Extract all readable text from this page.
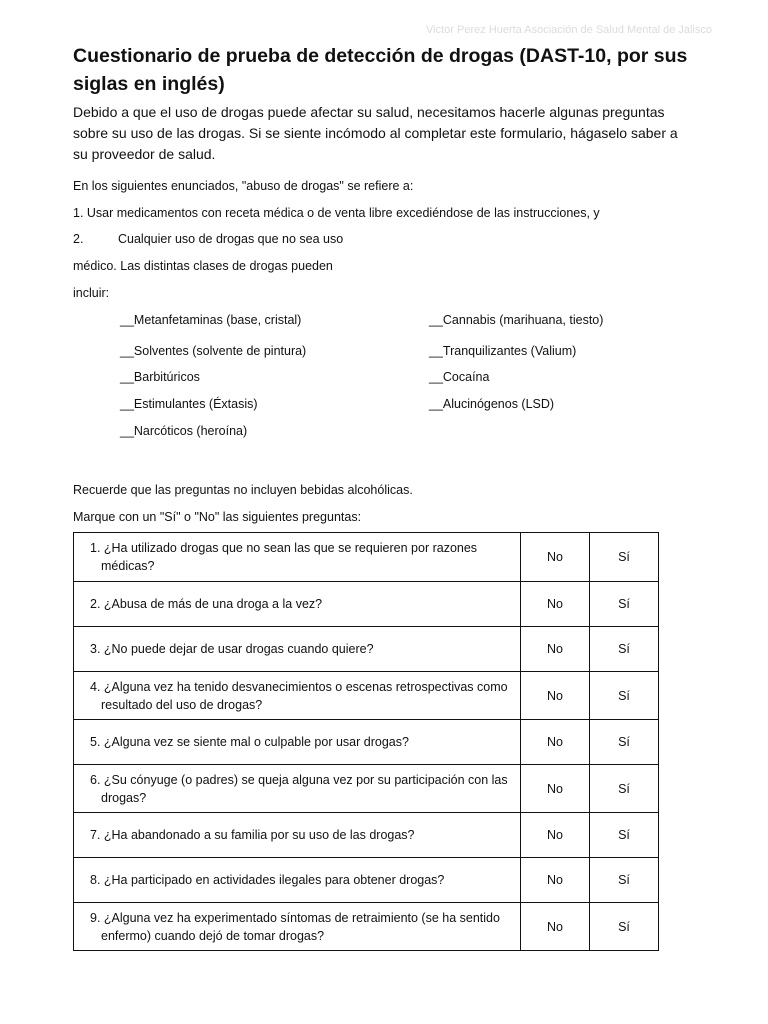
Victor Perez Huerta Asociación de Salud Mental de Jalisco
Cuestionario de prueba de detección de drogas (DAST-10, por sus siglas en inglés)

Debido a que el uso de drogas puede afectar su salud, necesitamos hacerle algunas preguntas sobre su uso de las drogas. Si se siente incómodo al completar este formulario, hágaselo saber a su proveedor de salud.

En los siguientes enunciados, "abuso de drogas" se refiere a:
1. Usar medicamentos con receta médica o de venta libre excediéndose de las instrucciones, y
2.	Cualquier uso de drogas que no sea uso
médico. Las distintas clases de drogas pueden
incluir:
__Metanfetaminas (base, cristal)	__Cannabis (marihuana, tiesto)
__Solventes (solvente de pintura)	__Tranquilizantes (Valium)
__Barbitúricos	__Cocaína
__Estimulantes (Éxtasis)	__Alucinógenos (LSD)
__Narcóticos (heroína)
Recuerde que las preguntas no incluyen bebidas alcohólicas.
Marque con un "Sí" o "No" las siguientes preguntas:
1. ¿Ha utilizado drogas que no sean las que se requieren por razones médicas?	No	Sí

2. ¿Abusa de más de una droga a la vez?	No	Sí

3. ¿No puede dejar de usar drogas cuando quiere?	No	Sí

4. ¿Alguna vez ha tenido desvanecimientos o escenas retrospectivas como resultado del uso de drogas?	No	Sí

5. ¿Alguna vez se siente mal o culpable por usar drogas?	No	Sí

6. ¿Su cónyuge (o padres) se queja alguna vez por su participación con las drogas?	No	Sí

7. ¿Ha abandonado a su familia por su uso de las drogas?	No	Sí

8. ¿Ha participado en actividades ilegales para obtener drogas?	No	Sí

9. ¿Alguna vez ha experimentado síntomas de retraimiento (se ha sentido enfermo) cuando dejó de tomar drogas?	No	Sí
